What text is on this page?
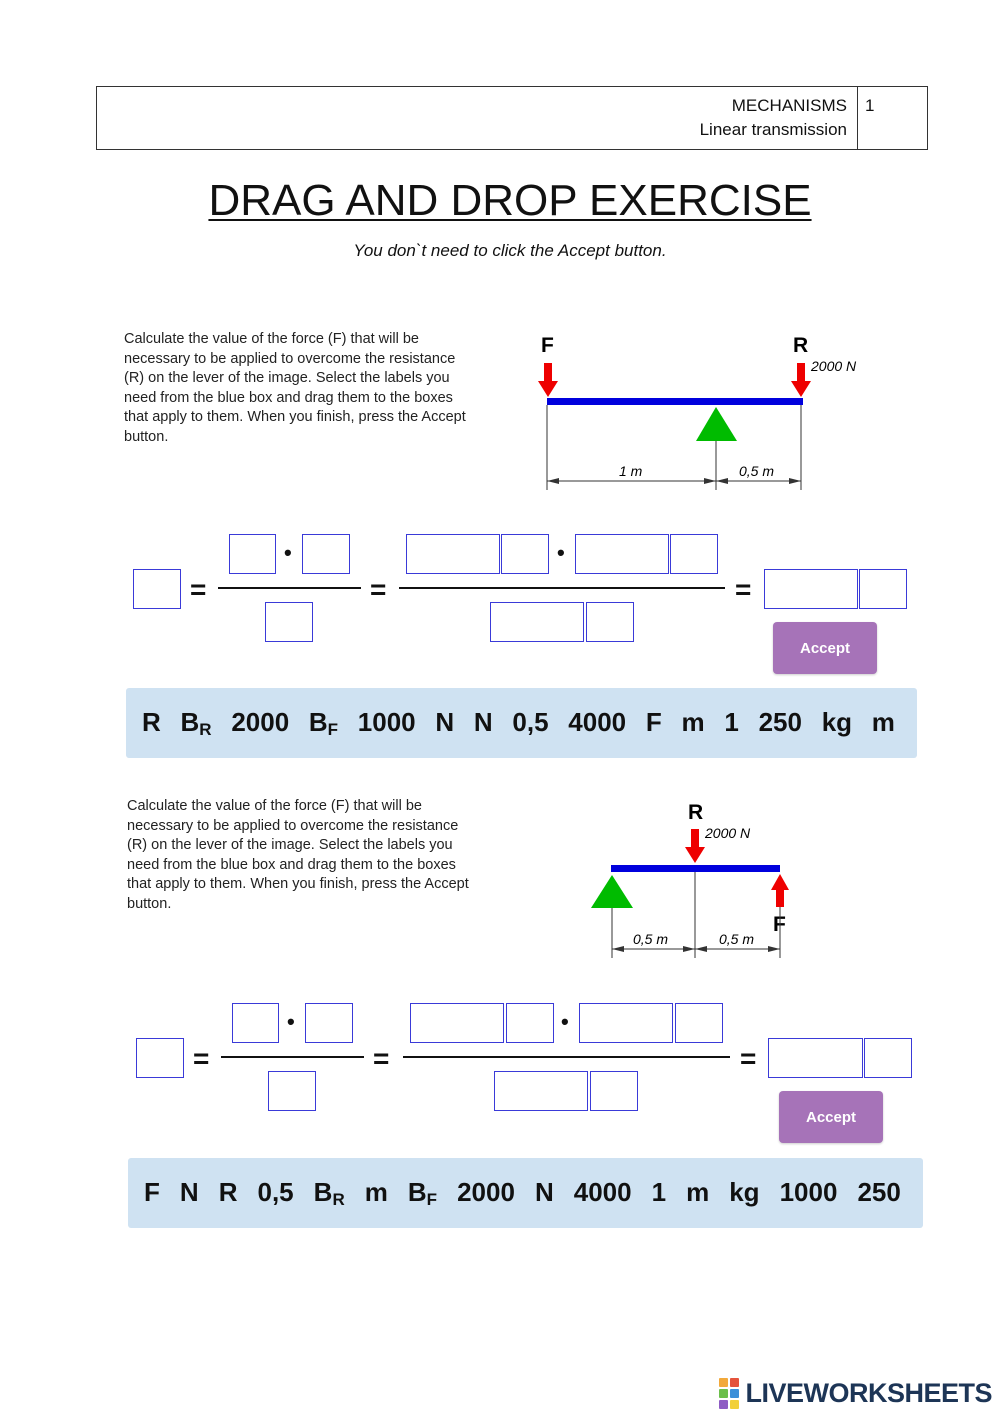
MECHANISMS
Linear transmission
1
DRAG AND DROP EXERCISE
You don`t need to click the Accept button.
Calculate the value of the force (F) that will be necessary to be applied to overcome the resistance (R) on the lever of the image. Select the labels you need from the blue box and drag them to the boxes that apply to them. When you finish, press the Accept button.
F	R
2000 N
1 m	0,5 m
=
•
=
•
=
Accept
R $B_R$ 2000 $B_F$ 1000 N N 0,5 4000 F m 1 250 kg m
Calculate the value of the force (F) that will be necessary to be applied to overcome the resistance (R) on the lever of the image. Select the labels you need from the blue box and drag them to the boxes that apply to them. When you finish, press the Accept button.
R
2000 N
F
0,5 m	0,5 m
=
•
=
•
=
Accept
F N R 0,5 $B_R$ m $B_F$ 2000 N 4000 1 m kg 1000 250
LIVEWORKSHEETS
